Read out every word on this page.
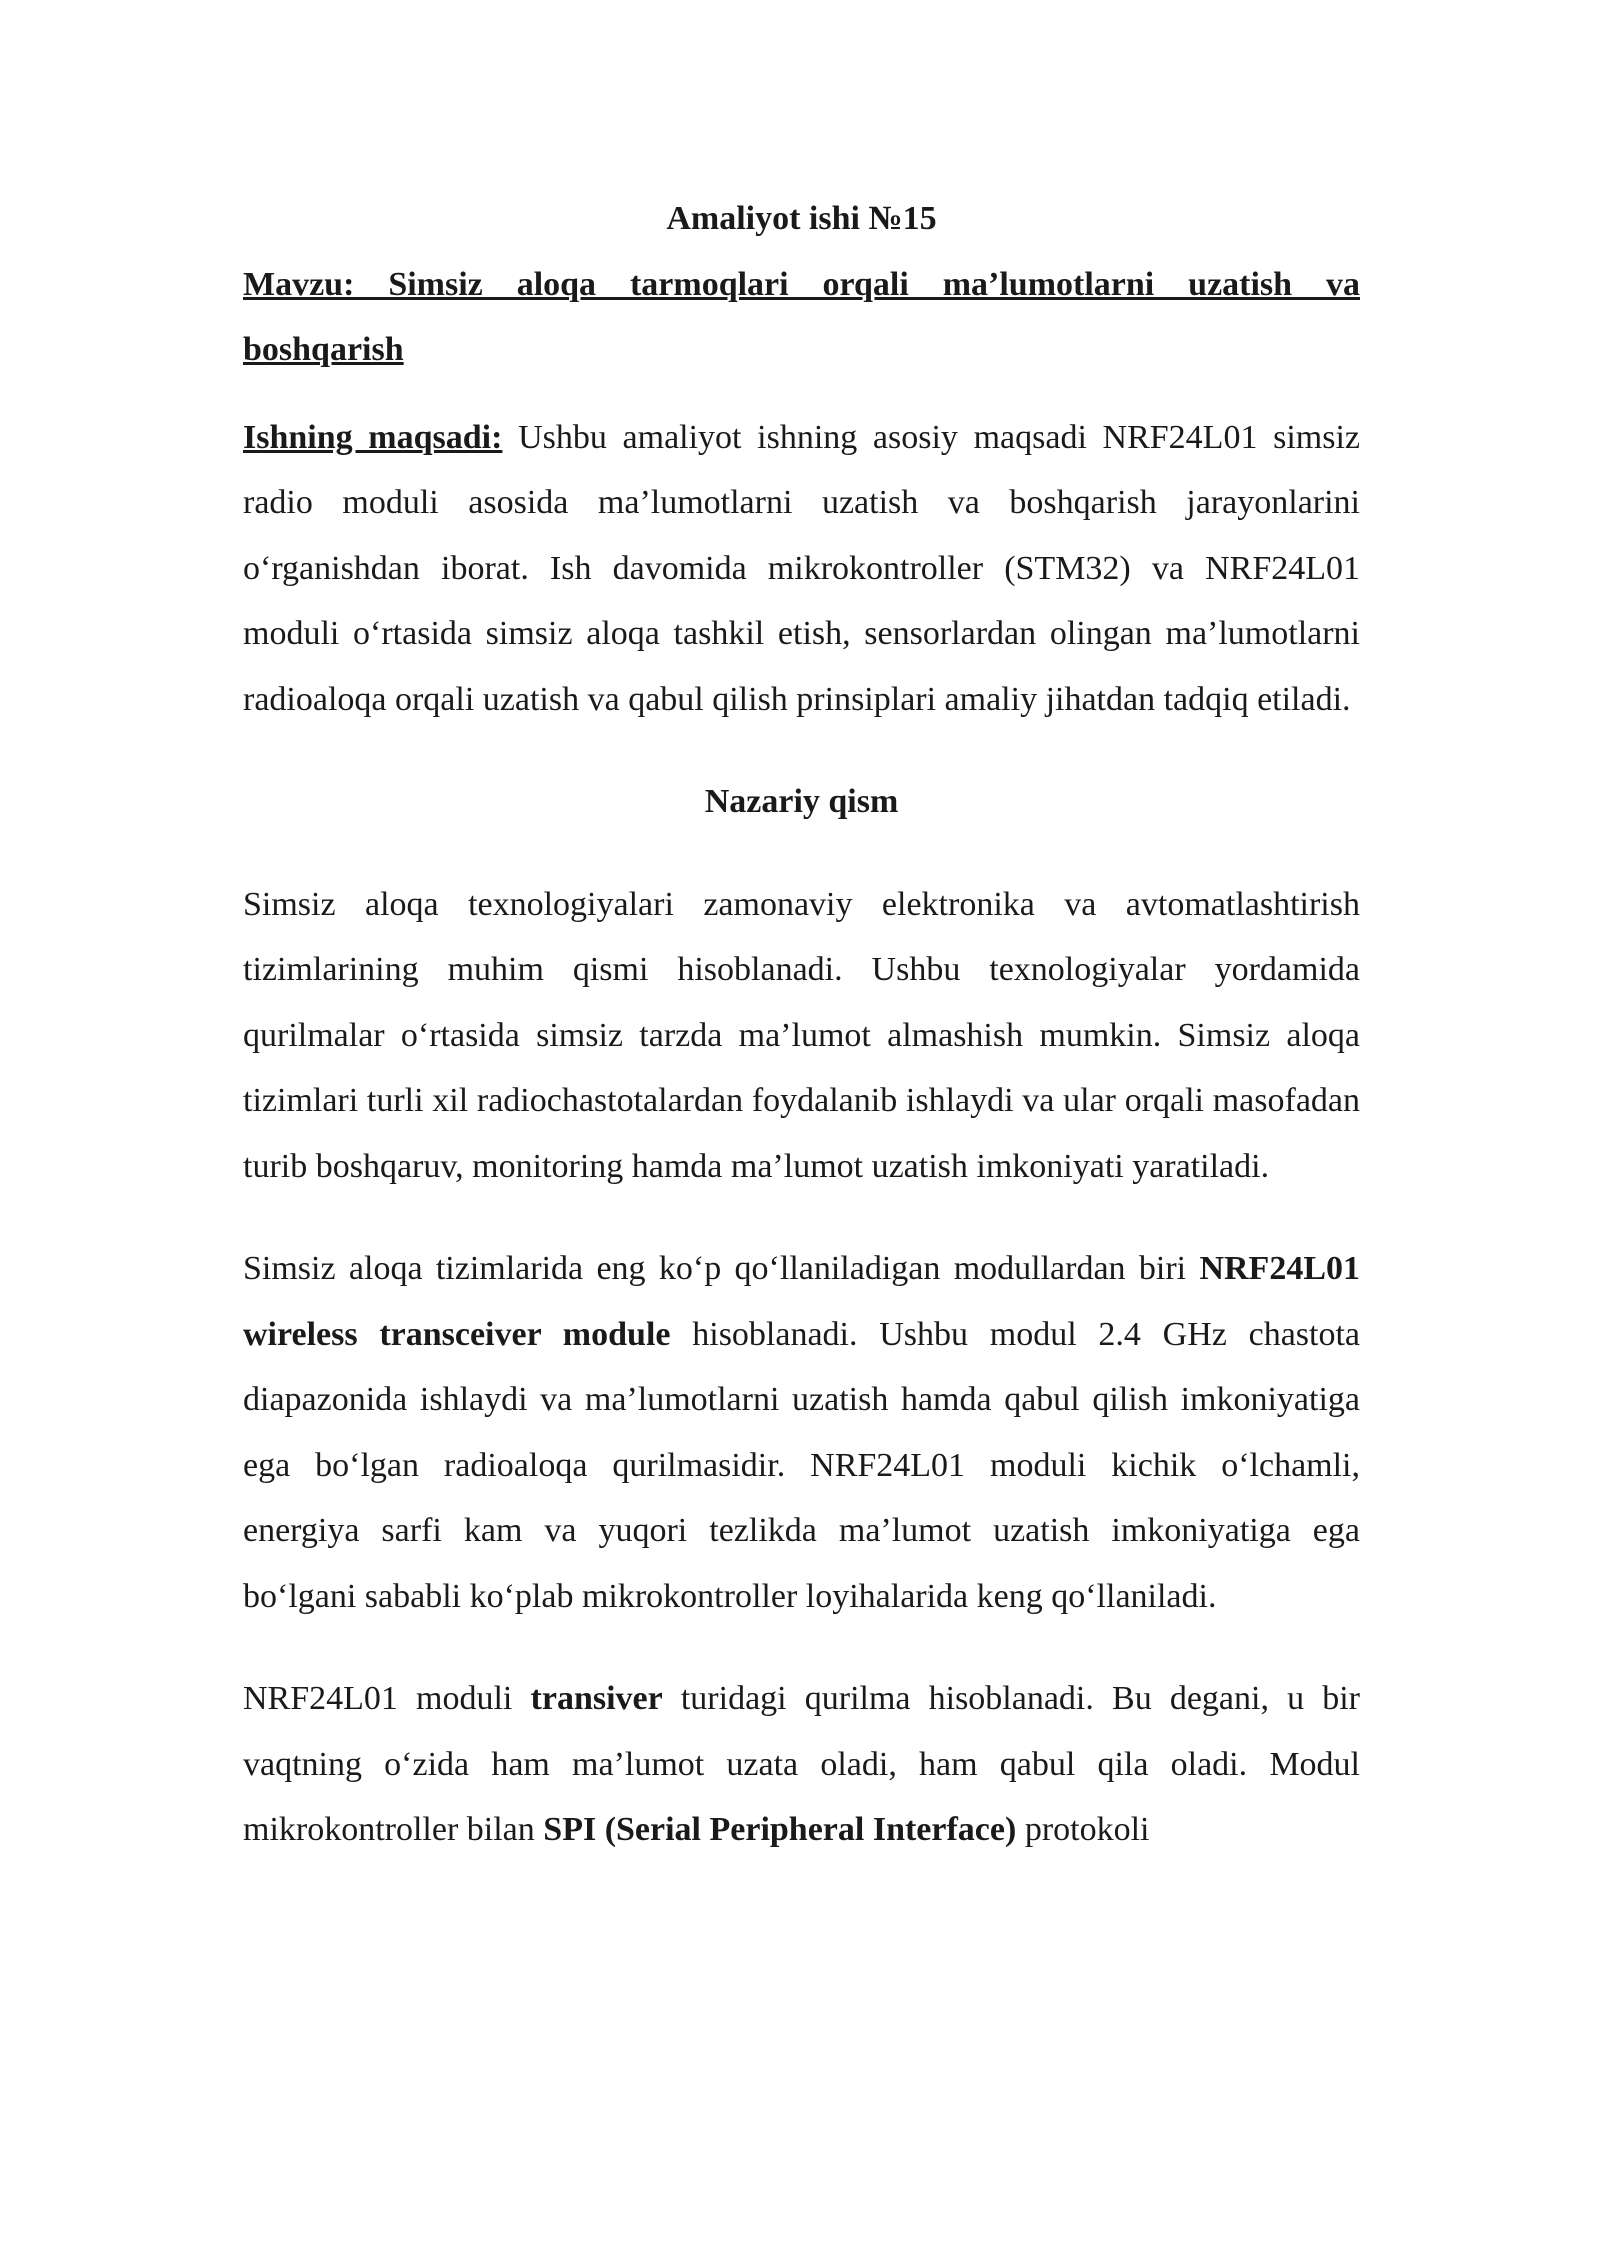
Amaliyot ishi №15

Mavzu: Simsiz aloqa tarmoqlari orqali ma’lumotlarni uzatish va boshqarish

Ishning maqsadi: Ushbu amaliyot ishning asosiy maqsadi NRF24L01 simsiz radio moduli asosida ma’lumotlarni uzatish va boshqarish jarayonlarini o‘rganishdan iborat. Ish davomida mikrokontroller (STM32) va NRF24L01 moduli o‘rtasida simsiz aloqa tashkil etish, sensorlardan olingan ma’lumotlarni radioaloqa orqali uzatish va qabul qilish prinsiplari amaliy jihatdan tadqiq etiladi.

Nazariy qism

Simsiz aloqa texnologiyalari zamonaviy elektronika va avtomatlashtirish tizimlarining muhim qismi hisoblanadi. Ushbu texnologiyalar yordamida qurilmalar o‘rtasida simsiz tarzda ma’lumot almashish mumkin. Simsiz aloqa tizimlari turli xil radiochastotalardan foydalanib ishlaydi va ular orqali masofadan turib boshqaruv, monitoring hamda ma’lumot uzatish imkoniyati yaratiladi.

Simsiz aloqa tizimlarida eng ko‘p qo‘llaniladigan modullardan biri NRF24L01 wireless transceiver module hisoblanadi. Ushbu modul 2.4 GHz chastota diapazonida ishlaydi va ma’lumotlarni uzatish hamda qabul qilish imkoniyatiga ega bo‘lgan radioaloqa qurilmasidir. NRF24L01 moduli kichik o‘lchamli, energiya sarfi kam va yuqori tezlikda ma’lumot uzatish imkoniyatiga ega bo‘lgani sababli ko‘plab mikrokontroller loyihalarida keng qo‘llaniladi.

NRF24L01 moduli transiver turidagi qurilma hisoblanadi. Bu degani, u bir vaqtning o‘zida ham ma’lumot uzata oladi, ham qabul qila oladi. Modul mikrokontroller bilan SPI (Serial Peripheral Interface) protokoli
